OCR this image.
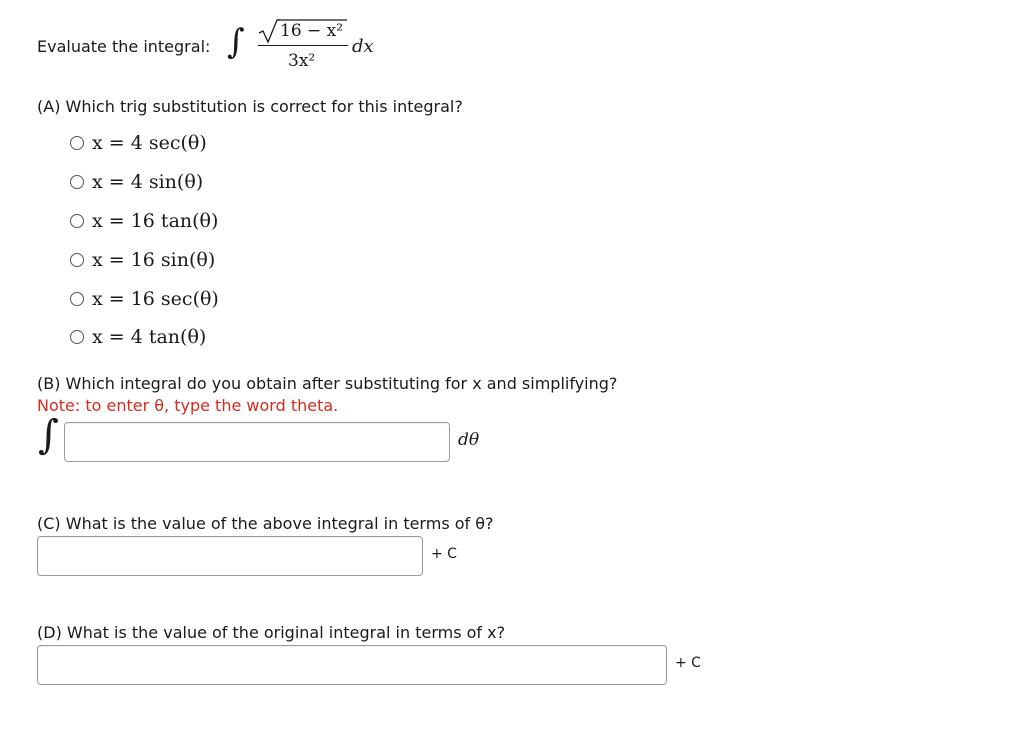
Evaluate the integral: ∫ 16 − x²
3x²
dx
(A) Which trig substitution is correct for this integral?
x = 4 sec(θ)
x = 4 sin(θ)
x = 16 tan(θ)
x = 16 sin(θ)
x = 16 sec(θ)
x = 4 tan(θ)
(B) Which integral do you obtain after substituting for x and simplifying?
Note: to enter θ, type the word theta.
∫	dθ
(C) What is the value of the above integral in terms of θ?
+ C
(D) What is the value of the original integral in terms of x?
+ C
